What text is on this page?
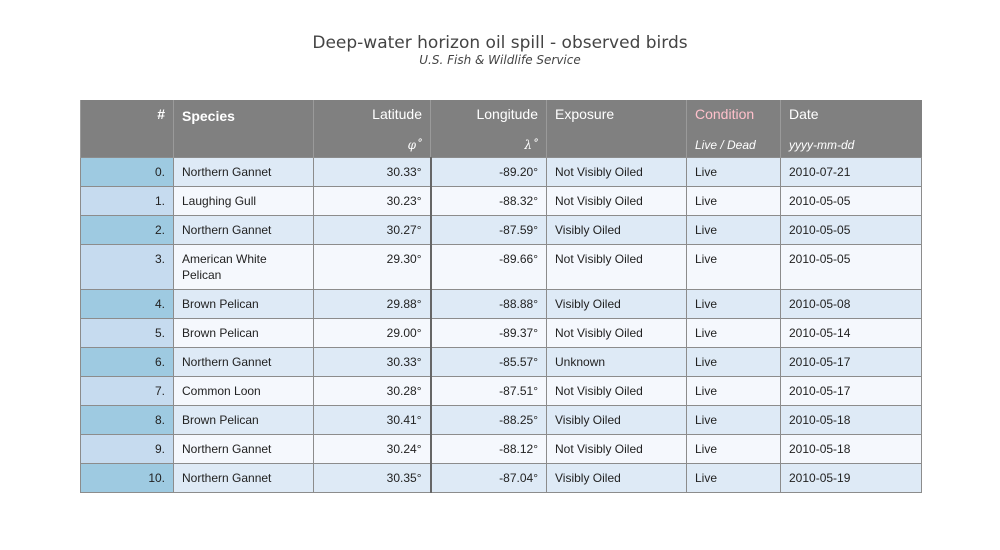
Deep-water horizon oil spill - observed birds
U.S. Fish & Wildlife Service
#	Species	Latitude	Longitude	Exposure	Condition	Date
		φ˚	λ˚		Live / Dead	yyyy-mm-dd
0.	Northern Gannet	30.33°	-89.20°	Not Visibly Oiled	Live	2010-07-21
1.	Laughing Gull	30.23°	-88.32°	Not Visibly Oiled	Live	2010-05-05
2.	Northern Gannet	30.27°	-87.59°	Visibly Oiled	Live	2010-05-05
3.	American White Pelican	29.30°	-89.66°	Not Visibly Oiled	Live	2010-05-05
4.	Brown Pelican	29.88°	-88.88°	Visibly Oiled	Live	2010-05-08
5.	Brown Pelican	29.00°	-89.37°	Not Visibly Oiled	Live	2010-05-14
6.	Northern Gannet	30.33°	-85.57°	Unknown	Live	2010-05-17
7.	Common Loon	30.28°	-87.51°	Not Visibly Oiled	Live	2010-05-17
8.	Brown Pelican	30.41°	-88.25°	Visibly Oiled	Live	2010-05-18
9.	Northern Gannet	30.24°	-88.12°	Not Visibly Oiled	Live	2010-05-18
10.	Northern Gannet	30.35°	-87.04°	Visibly Oiled	Live	2010-05-19
